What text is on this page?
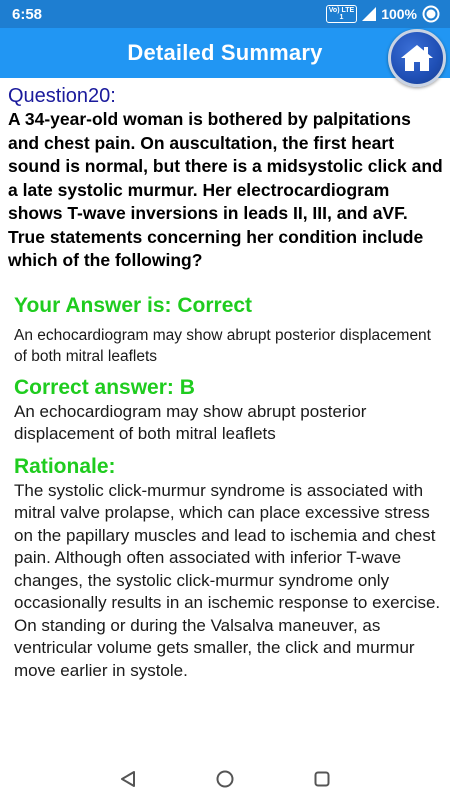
6:58	Vo) LTE
1	100%
Detailed Summary
Question20:
A 34-year-old woman is bothered by palpitations and chest pain. On auscultation, the first heart sound is normal, but there is a midsystolic click and a late systolic murmur. Her electrocardiogram shows T-wave inversions in leads II, III, and aVF. True statements concerning her condition include which of the following?
Your Answer is: Correct
An echocardiogram may show abrupt posterior displacement of both mitral leaflets
Correct answer: B
An echocardiogram may show abrupt posterior displacement of both mitral leaflets
Rationale:
The systolic click-murmur syndrome is associated with mitral valve prolapse, which can place excessive stress on the papillary muscles and lead to ischemia and chest pain. Although often associated with inferior T-wave changes, the systolic click-murmur syndrome only occasionally results in an ischemic response to exercise. On standing or during the Valsalva maneuver, as ventricular volume gets smaller, the click and murmur move earlier in systole.
